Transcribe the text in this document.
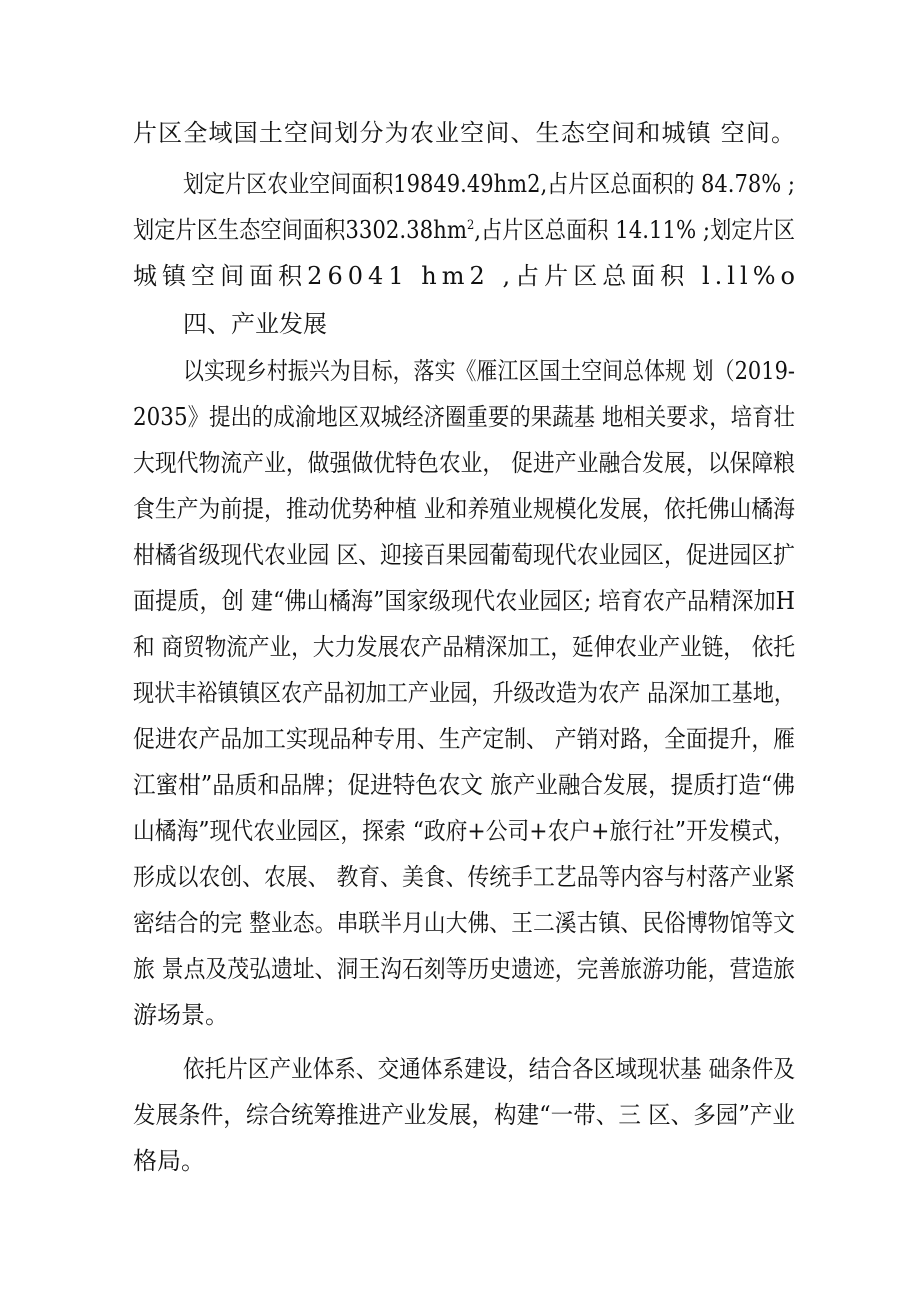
片区全域国土空间划分为农业空间、生态空间和城镇 空间。
划定片区农业空间面积19849.49hm2,占片区总面积的 84.78% ;
划定片区生态空间面积$3302.38hm^2$,占片区总面积 14.11% ;划定片区
城镇空间面积26041 hm2 ,占片区总面积 l.ll%o
四、产业发展
以实现乡村振兴为目标，落实《雁江区国土空间总体规 划（2019-
2035》提出的成渝地区双城经济圈重要的果蔬基 地相关要求，培育壮
大现代物流产业，做强做优特色农业， 促进产业融合发展，以保障粮
食生产为前提，推动优势种植 业和养殖业规模化发展，依托佛山橘海
柑橘省级现代农业园 区、迎接百果园葡萄现代农业园区，促进园区扩
面提质，创 建“佛山橘海”国家级现代农业园区; 培育农产品精深加H
和 商贸物流产业，大力发展农产品精深加工，延伸农业产业链， 依托
现状丰裕镇镇区农产品初加工产业园，升级改造为农产 品深加工基地，
促进农产品加工实现品种专用、生产定制、 产销对路，全面提升，雁
江蜜柑”品质和品牌；促进特色农文 旅产业融合发展，提质打造“佛
山橘海”现代农业园区，探索 “政府+公司+农户+旅行社”开发模式，
形成以农创、农展、 教育、美食、传统手工艺品等内容与村落产业紧
密结合的完 整业态。串联半月山大佛、王二溪古镇、民俗博物馆等文
旅 景点及茂弘遗址、洞王沟石刻等历史遗迹，完善旅游功能，营造旅
游场景。
依托片区产业体系、交通体系建设，结合各区域现状基 础条件及
发展条件，综合统筹推进产业发展，构建“一带、三 区、多园”产业
格局。
